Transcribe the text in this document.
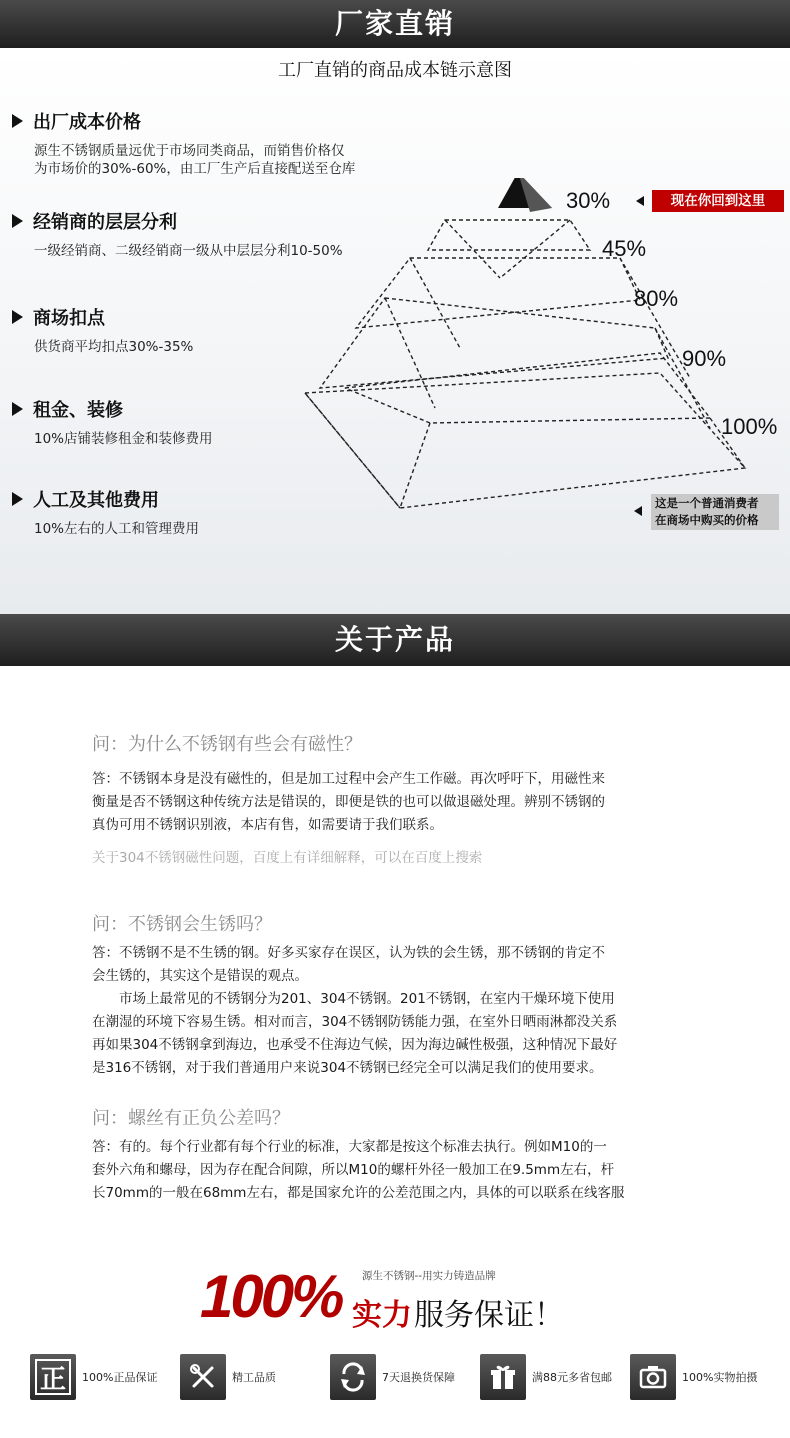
厂家直销
工厂直销的商品成本链示意图
出厂成本价格
源生不锈钢质量远优于市场同类商品，而销售价格仅
为市场价的30%-60%，由工厂生产后直接配送至仓库
经销商的层层分利
一级经销商、二级经销商一级从中层层分利10-50%
商场扣点
供货商平均扣点30%-35%
租金、装修
10%店铺装修租金和装修费用
人工及其他费用
10%左右的人工和管理费用
30%
45%
80%
90%
100%
现在你回到这里
这是一个普通消费者
在商场中购买的价格
关于产品
问：为什么不锈钢有些会有磁性？
答：不锈钢本身是没有磁性的，但是加工过程中会产生工作磁。再次呼吁下，用磁性来
衡量是否不锈钢这种传统方法是错误的，即便是铁的也可以做退磁处理。辨别不锈钢的
真伪可用不锈钢识别液，本店有售，如需要请于我们联系。
关于304不锈钢磁性问题，百度上有详细解释，可以在百度上搜索
问：不锈钢会生锈吗？
答：不锈钢不是不生锈的钢。好多买家存在误区，认为铁的会生锈，那不锈钢的肯定不
会生锈的，其实这个是错误的观点。
　　市场上最常见的不锈钢分为201、304不锈钢。201不锈钢，在室内干燥环境下使用
在潮湿的环境下容易生锈。相对而言，304不锈钢防锈能力强，在室外日晒雨淋都没关系
再如果304不锈钢拿到海边，也承受不住海边气候，因为海边碱性极强，这种情况下最好
是316不锈钢，对于我们普通用户来说304不锈钢已经完全可以满足我们的使用要求。
问：螺丝有正负公差吗？
答：有的。每个行业都有每个行业的标准，大家都是按这个标准去执行。例如M10的一
套外六角和螺母，因为存在配合间隙，所以M10的螺杆外径一般加工在9.5mm左右，杆
长70mm的一般在68mm左右，都是国家允许的公差范围之内，具体的可以联系在线客服
100% 源生不锈钢--用实力铸造品牌
实力 服务保证！
正	100%正品保证	精工品质	7天退换货保障	满88元多省包邮	100%实物拍摄
